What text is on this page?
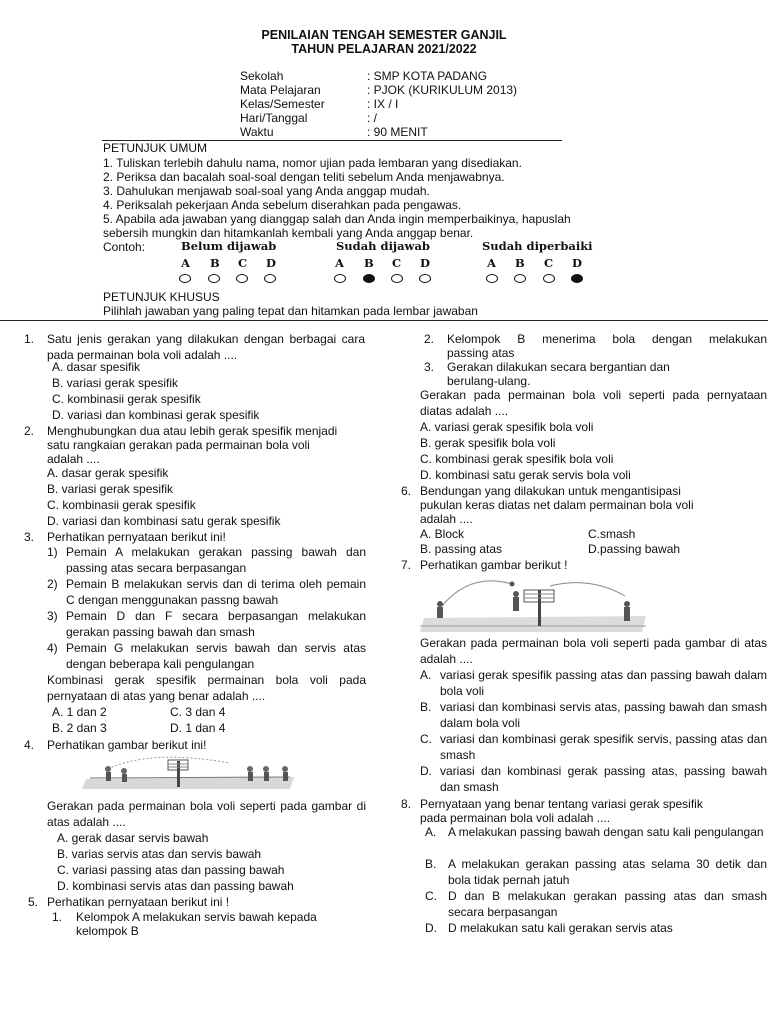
PENILAIAN TENGAH SEMESTER GANJIL
TAHUN PELAJARAN 2021/2022
Sekolah	: SMP KOTA PADANG
Mata Pelajaran	: PJOK (KURIKULUM 2013)
Kelas/Semester	: IX / I
Hari/Tanggal	: /
Waktu	: 90 MENIT
PETUNJUK UMUM
1. Tuliskan terlebih dahulu nama, nomor ujian pada lembaran yang disediakan.
2. Periksa dan bacalah soal-soal dengan teliti sebelum Anda menjawabnya.
3. Dahulukan menjawab soal-soal yang Anda anggap mudah.
4. Periksalah pekerjaan Anda sebelum diserahkan pada pengawas.
5. Apabila ada jawaban yang dianggap salah dan Anda ingin memperbaikinya, hapuslah
sebersih mungkin dan hitamkanlah kembali yang Anda anggap benar.
Contoh:	Belum dijawab
A B C D
Sudah dijawab
A B C D
Sudah diperbaiki
A B C D
PETUNJUK KHUSUS
Pilihlah jawaban yang paling tepat dan hitamkan pada lembar jawaban
1. Satu jenis gerakan yang dilakukan dengan berbagai cara pada permainan bola voli adalah ....
A. dasar spesifik
B. variasi gerak spesifik
C. kombinasii gerak spesifik
D. variasi dan kombinasi gerak spesifik
2. Menghubungkan dua atau lebih gerak spesifik menjadi
satu rangkaian gerakan pada permainan bola voli
adalah ....
A. dasar gerak spesifik
B. variasi gerak spesifik
C. kombinasii gerak spesifik
D. variasi dan kombinasi satu gerak spesifik
3. Perhatikan pernyataan berikut ini!
1) Pemain A melakukan gerakan passing bawah dan passing atas secara berpasangan
2) Pemain B melakukan servis dan di terima oleh pemain C dengan menggunakan passng bawah
3) Pemain D dan F secara berpasangan melakukan gerakan passing bawah dan smash
4) Pemain G melakukan servis bawah dan servis atas dengan beberapa kali pengulangan
Kombinasi gerak spesifik permainan bola voli pada pernyataan di atas yang benar adalah ....
A. 1 dan 2	C. 3 dan 4
B. 2 dan 3	D. 1 dan 4
4. Perhatikan gambar berikut ini!
Gerakan pada permainan bola voli seperti pada gambar di atas adalah ....
A. gerak dasar servis bawah
B. varias servis atas dan servis bawah
C. variasi passing atas dan passing bawah
D. kombinasi servis atas dan passing bawah
5. Perhatikan pernyataan berikut ini !
1. Kelompok A melakukan servis bawah kepada
kelompok B
2. Kelompok B menerima bola dengan melakukan
passing atas
3. Gerakan dilakukan secara bergantian dan
berulang-ulang.
Gerakan pada permainan bola voli seperti pada pernyataan diatas adalah ....
A. variasi gerak spesifik bola voli
B. gerak spesifik bola voli
C. kombinasi gerak spesifik bola voli
D. kombinasi satu gerak servis bola voli
6. Bendungan yang dilakukan untuk mengantisipasi
pukulan keras diatas net dalam permainan bola voli
adalah ....
A. Block	C.smash
B. passing atas	D.passing bawah
7. Perhatikan gambar berikut !
Gerakan pada permainan bola voli seperti pada gambar di atas adalah ....
A. variasi gerak spesifik passing atas dan passing bawah dalam bola voli
B. variasi dan kombinasi servis atas, passing bawah dan smash dalam bola voli
C. variasi dan kombinasi gerak spesifik servis, passing atas dan smash
D. variasi dan kombinasi gerak passing atas, passing bawah dan smash
8. Pernyataan yang benar tentang variasi gerak spesifik
pada permainan bola voli adalah ....
A. A melakukan passing bawah dengan satu kali pengulangan
B. A melakukan gerakan passing atas selama 30 detik dan bola tidak pernah jatuh
C. D dan B melakukan gerakan passing atas dan smash secara berpasangan
D. D melakukan satu kali gerakan servis atas
